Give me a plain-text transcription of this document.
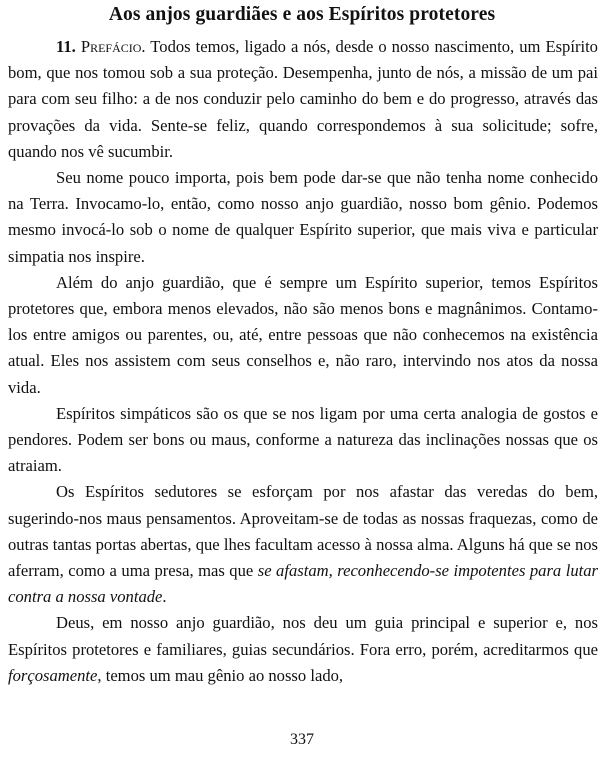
Aos anjos guardiães e aos Espíritos protetores

11. Prefácio. Todos temos, ligado a nós, desde o nosso nascimento, um Espírito bom, que nos tomou sob a sua proteção. Desempenha, junto de nós, a missão de um pai para com seu filho: a de nos conduzir pelo caminho do bem e do progresso, através das provações da vida. Sente-se feliz, quando correspondemos à sua solicitude; sofre, quando nos vê sucumbir.

Seu nome pouco importa, pois bem pode dar-se que não tenha nome conhecido na Terra. Invocamo-lo, então, como nosso anjo guardião, nosso bom gênio. Podemos mesmo invocá-lo sob o nome de qualquer Espírito superior, que mais viva e particular simpatia nos inspire.

Além do anjo guardião, que é sempre um Espírito superior, temos Espíritos protetores que, embora menos elevados, não são menos bons e magnânimos. Contamo-los entre amigos ou parentes, ou, até, entre pessoas que não conhecemos na existência atual. Eles nos assistem com seus conselhos e, não raro, intervindo nos atos da nossa vida.

Espíritos simpáticos são os que se nos ligam por uma certa analogia de gostos e pendores. Podem ser bons ou maus, conforme a natureza das inclinações nossas que os atraiam.

Os Espíritos sedutores se esforçam por nos afastar das veredas do bem, sugerindo-nos maus pensamentos. Aproveitam-se de todas as nossas fraquezas, como de outras tantas portas abertas, que lhes facultam acesso à nossa alma. Alguns há que se nos aferram, como a uma presa, mas que se afastam, reconhecendo-se impotentes para lutar contra a nossa vontade.

Deus, em nosso anjo guardião, nos deu um guia principal e superior e, nos Espíritos protetores e familiares, guias secundários. Fora erro, porém, acreditarmos que forçosamente, temos um mau gênio ao nosso lado,

337
